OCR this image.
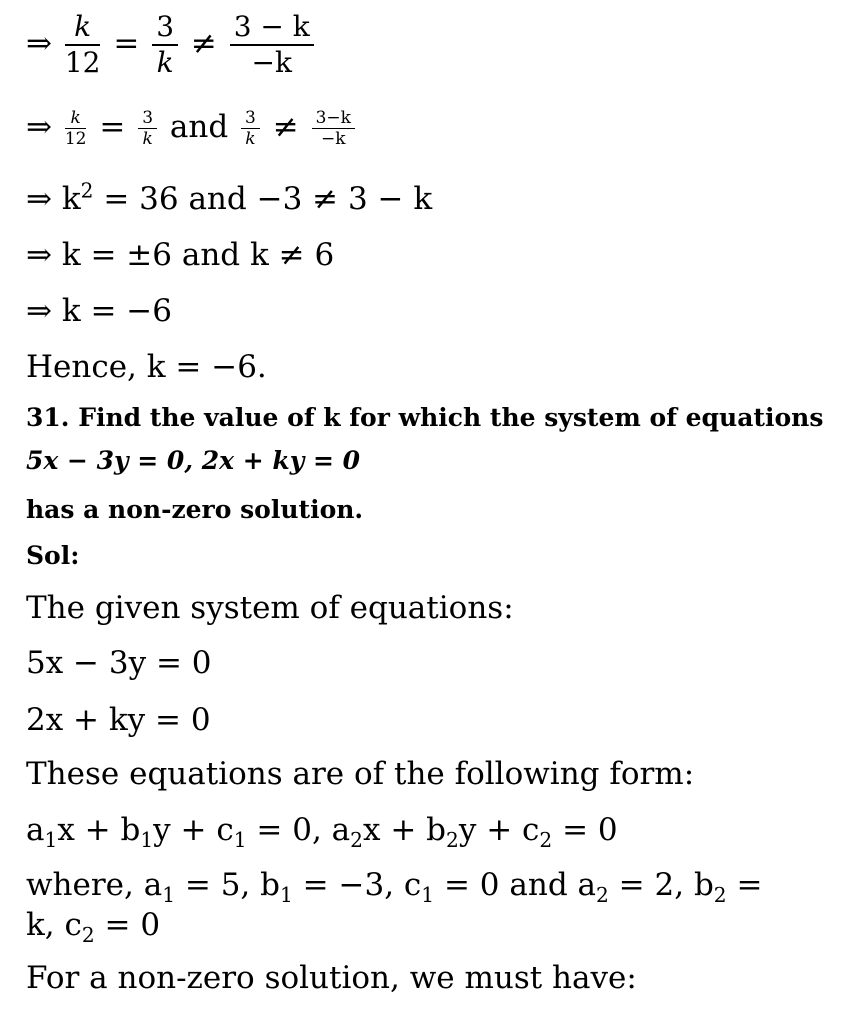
⇒ $\frac{k}{12} = \frac{3}{k} \ne \frac{3 - k}{-k}$
⇒ $\frac{k}{12} = \frac{3}{k}$ and $\frac{3}{k} \ne \frac{3-k}{-k}$
⇒ $k^2 = 36$ and −3 ≠ 3 − k
⇒ k = ±6 and k ≠ 6
⇒ k = −6
Hence, k = −6.
31. Find the value of k for which the system of equations
5x − 3y = 0, 2x + ky = 0
has a non-zero solution.
Sol:
The given system of equations:
5x − 3y = 0
2x + ky = 0
These equations are of the following form:
$a_1x + b_1y + c_1 = 0$, $a_2x + b_2y + c_2 = 0$
where, $a_1 = 5$, $b_1 = -3$, $c_1 = 0$ and $a_2 = 2$, $b_2$ =
k, $c_2 = 0$
For a non-zero solution, we must have:
